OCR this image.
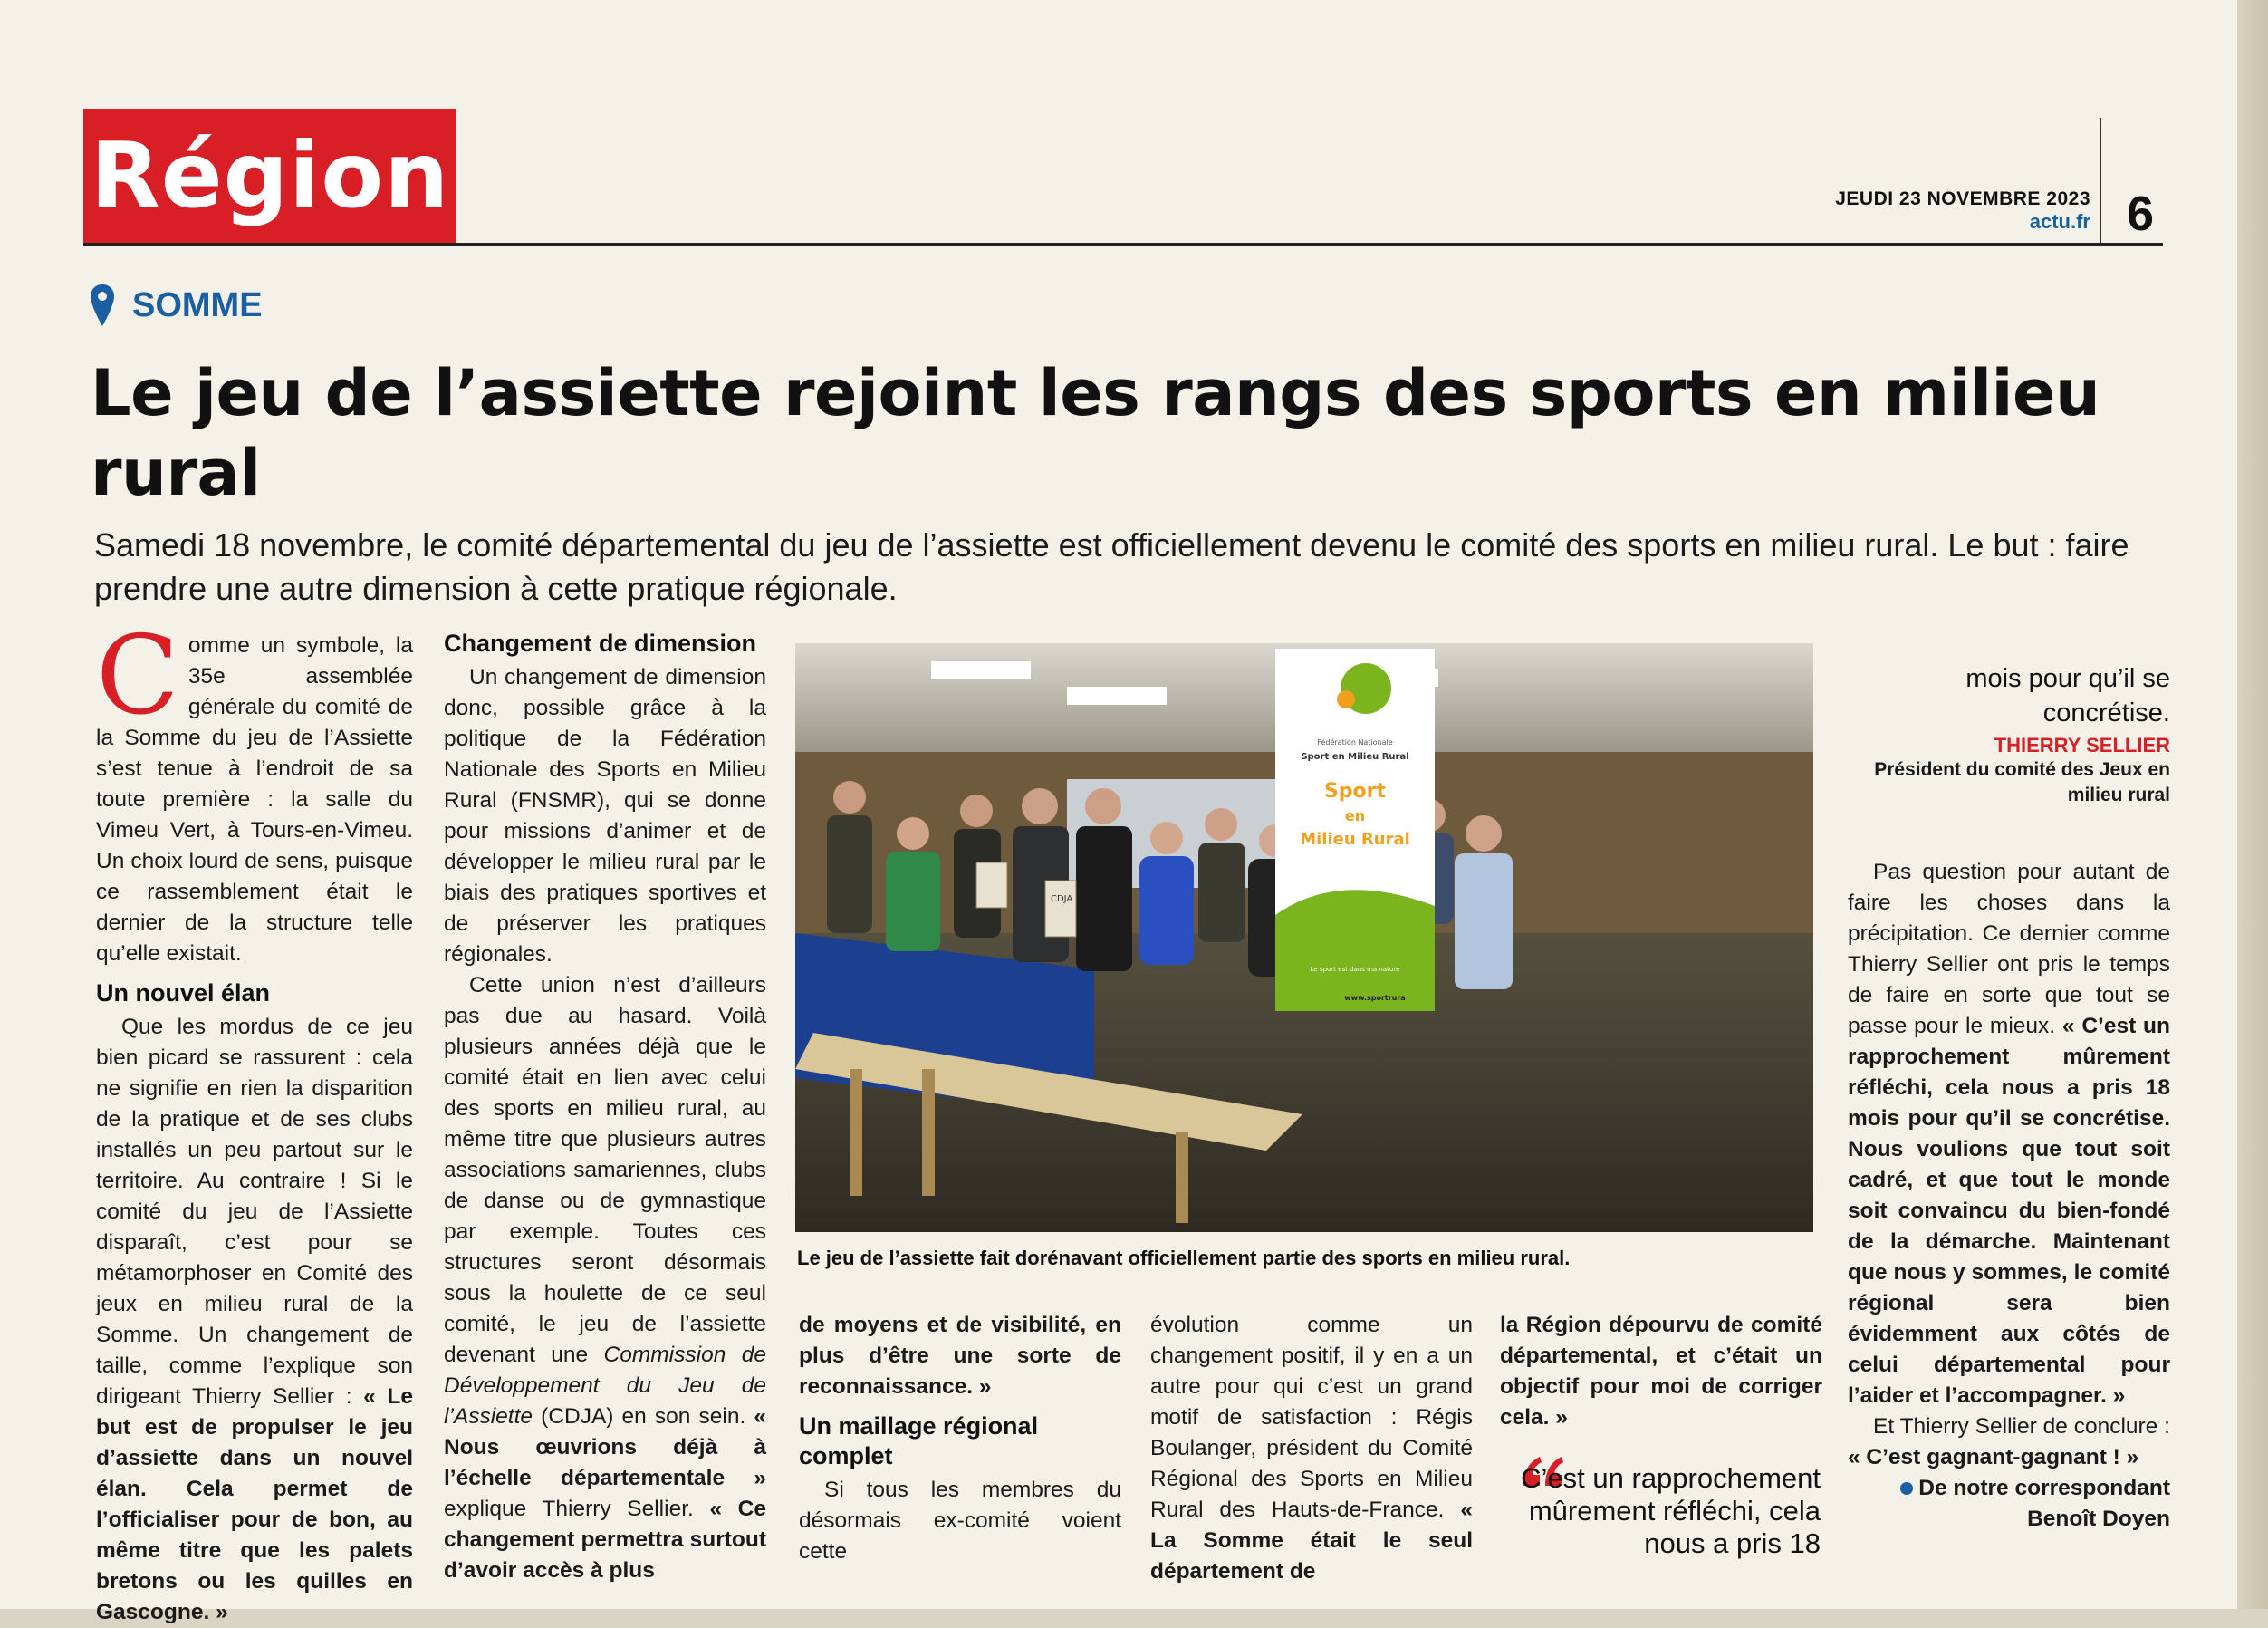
Région	JEUDI 23 NOVEMBRE 2023
actu.fr 6
SOMME
Le jeu de l’assiette rejoint les rangs des sports en milieu rural
Samedi 18 novembre, le comité départemental du jeu de l’assiette est officiellement devenu le comité des sports en milieu rural. Le but : faire prendre une autre dimension à cette pratique régionale.

Comme un symbole, la 35e assemblée générale du comité de la Somme du jeu de l’Assiette s’est tenue à l’endroit de sa toute première : la salle du Vimeu Vert, à Tours-en-Vimeu. Un choix lourd de sens, puisque ce rassemblement était le dernier de la structure telle qu’elle existait.

Un nouvel élan

Que les mordus de ce jeu bien picard se rassurent : cela ne signifie en rien la disparition de la pratique et de ses clubs installés un peu partout sur le territoire. Au contraire ! Si le comité du jeu de l’Assiette disparaît, c’est pour se métamorphoser en Comité des jeux en milieu rural de la Somme. Un changement de taille, comme l’explique son dirigeant Thierry Sellier : « Le but est de propulser le jeu d’assiette dans un nouvel élan. Cela permet de l’officialiser pour de bon, au même titre que les palets bretons ou les quilles en Gascogne. »

Changement de dimension

Un changement de dimension donc, possible grâce à la politique de la Fédération Nationale des Sports en Milieu Rural (FNSMR), qui se donne pour missions d’animer et de développer le milieu rural par le biais des pratiques sportives et de préserver les pratiques régionales.

Cette union n’est d’ailleurs pas due au hasard. Voilà plusieurs années déjà que le comité était en lien avec celui des sports en milieu rural, au même titre que plusieurs autres associations samariennes, clubs de danse ou de gymnastique par exemple. Toutes ces structures seront désormais sous la houlette de ce seul comité, le jeu de l’assiette devenant une Commission de Développement du Jeu de l’Assiette (CDJA) en son sein. « Nous œuvrions déjà à l’échelle départementale » explique Thierry Sellier. « Ce changement permettra surtout d’avoir accès à plus

CDJA
Fédération Nationale
Sport en Milieu Rural
Sport
en
Milieu Rural
Le sport est dans ma nature
www.sportrura
Le jeu de l’assiette fait dorénavant officiellement partie des sports en milieu rural.

de moyens et de visibilité, en plus d’être une sorte de reconnaissance. »

Un maillage régional complet

Si tous les membres du désormais ex-comité voient cette

évolution comme un changement positif, il y en a un autre pour qui c’est un grand motif de satisfaction : Régis Boulanger, président du Comité Régional des Sports en Milieu Rural des Hauts-de-France. « La Somme était le seul département de

la Région dépourvu de comité départemental, et c’était un objectif pour moi de corriger cela. »

C’est un rapprochement mûrement réfléchi, cela nous a pris 18
mois pour qu’il se concrétise.
THIERRY SELLIER
Président du comité des Jeux en milieu rural

Pas question pour autant de faire les choses dans la précipitation. Ce dernier comme Thierry Sellier ont pris le temps de faire en sorte que tout se passe pour le mieux. « C’est un rapprochement mûrement réfléchi, cela nous a pris 18 mois pour qu’il se concrétise. Nous voulions que tout soit cadré, et que tout le monde soit convaincu du bien-fondé de la démarche. Maintenant que nous y sommes, le comité régional sera bien évidemment aux côtés de celui départemental pour l’aider et l’accompagner. »

Et Thierry Sellier de conclure : « C’est gagnant-gagnant ! »

De notre correspondant

Benoît Doyen
